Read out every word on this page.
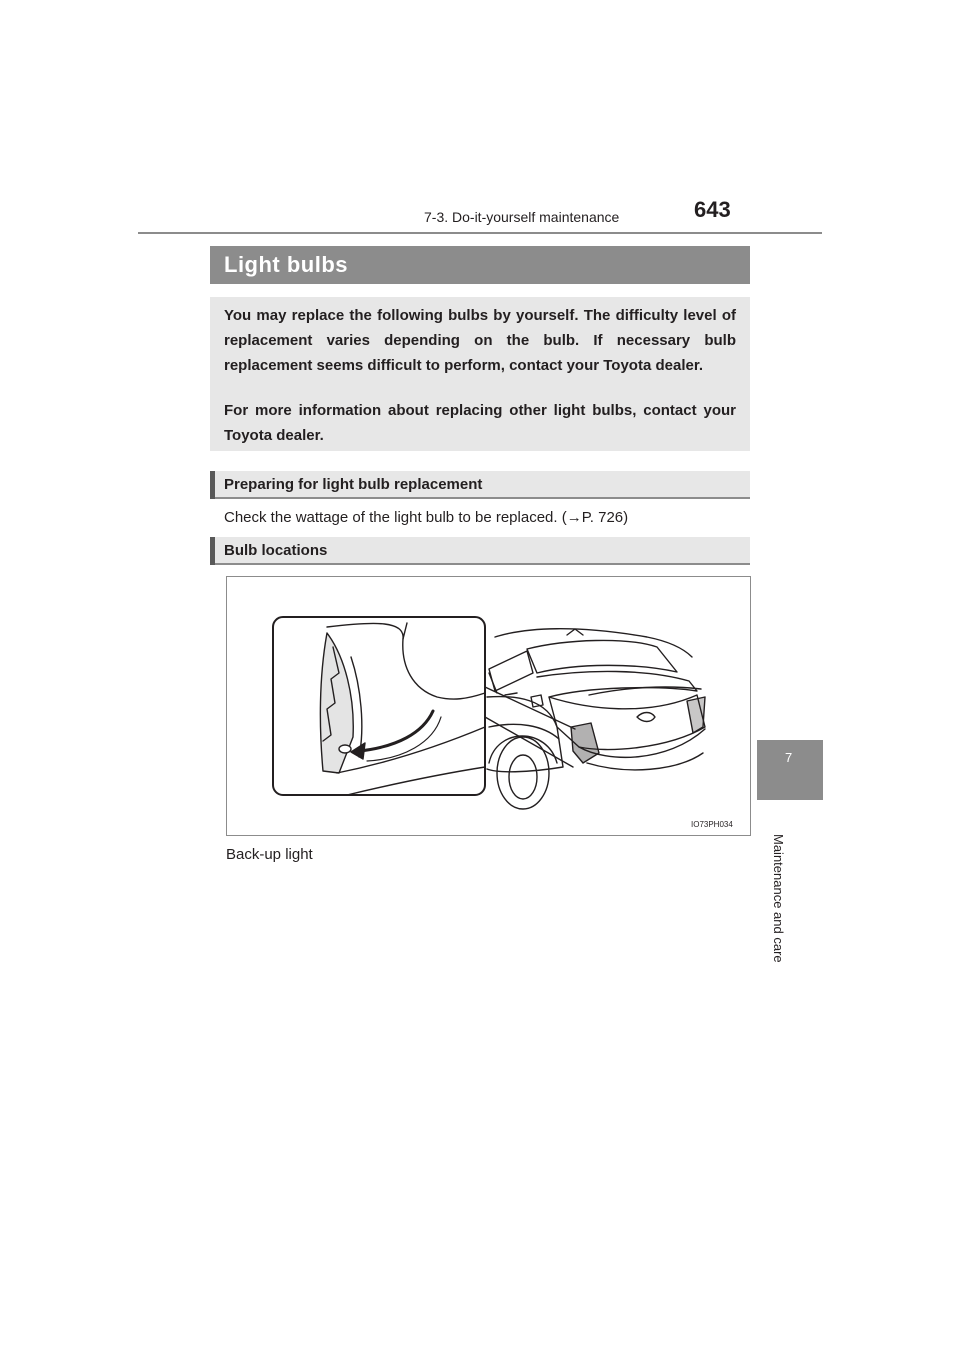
7-3. Do-it-yourself maintenance	643
7
Maintenance and care
Light bulbs

You may replace the following bulbs by yourself. The difficulty level of replacement varies depending on the bulb. If necessary bulb replacement seems difficult to perform, contact your Toyota dealer.

For more information about replacing other light bulbs, contact your Toyota dealer.

Preparing for light bulb replacement
Check the wattage of the light bulb to be replaced. (→P. 726)
Bulb locations
IO73PH034
Back-up light
